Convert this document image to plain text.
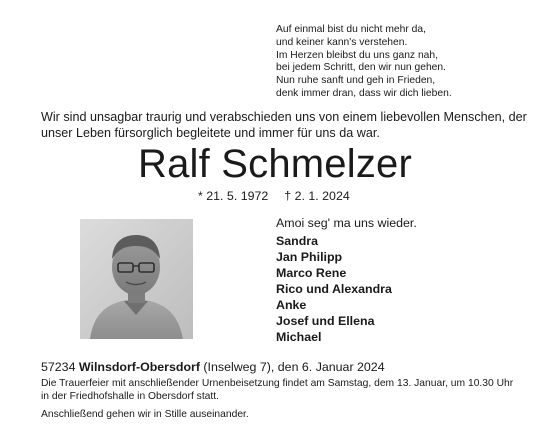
Auf einmal bist du nicht mehr da,
und keiner kann's verstehen.
Im Herzen bleibst du uns ganz nah,
bei jedem Schritt, den wir nun gehen.
Nun ruhe sanft und geh in Frieden,
denk immer dran, dass wir dich lieben.
Wir sind unsagbar traurig und verabschieden uns von einem liebevollen Menschen, der
unser Leben fürsorglich begleitete und immer für uns da war.
Ralf Schmelzer
* 21. 5. 1972 † 2. 1. 2024
Amoi seg' ma uns wieder.
Sandra
Jan Philipp
Marco Rene
Rico und Alexandra
Anke
Josef und Ellena
Michael
57234 Wilnsdorf-Obersdorf (Inselweg 7), den 6. Januar 2024
Die Trauerfeier mit anschließender Urnenbeisetzung findet am Samstag, dem 13. Januar, um 10.30 Uhr
in der Friedhofshalle in Obersdorf statt.
Anschließend gehen wir in Stille auseinander.
